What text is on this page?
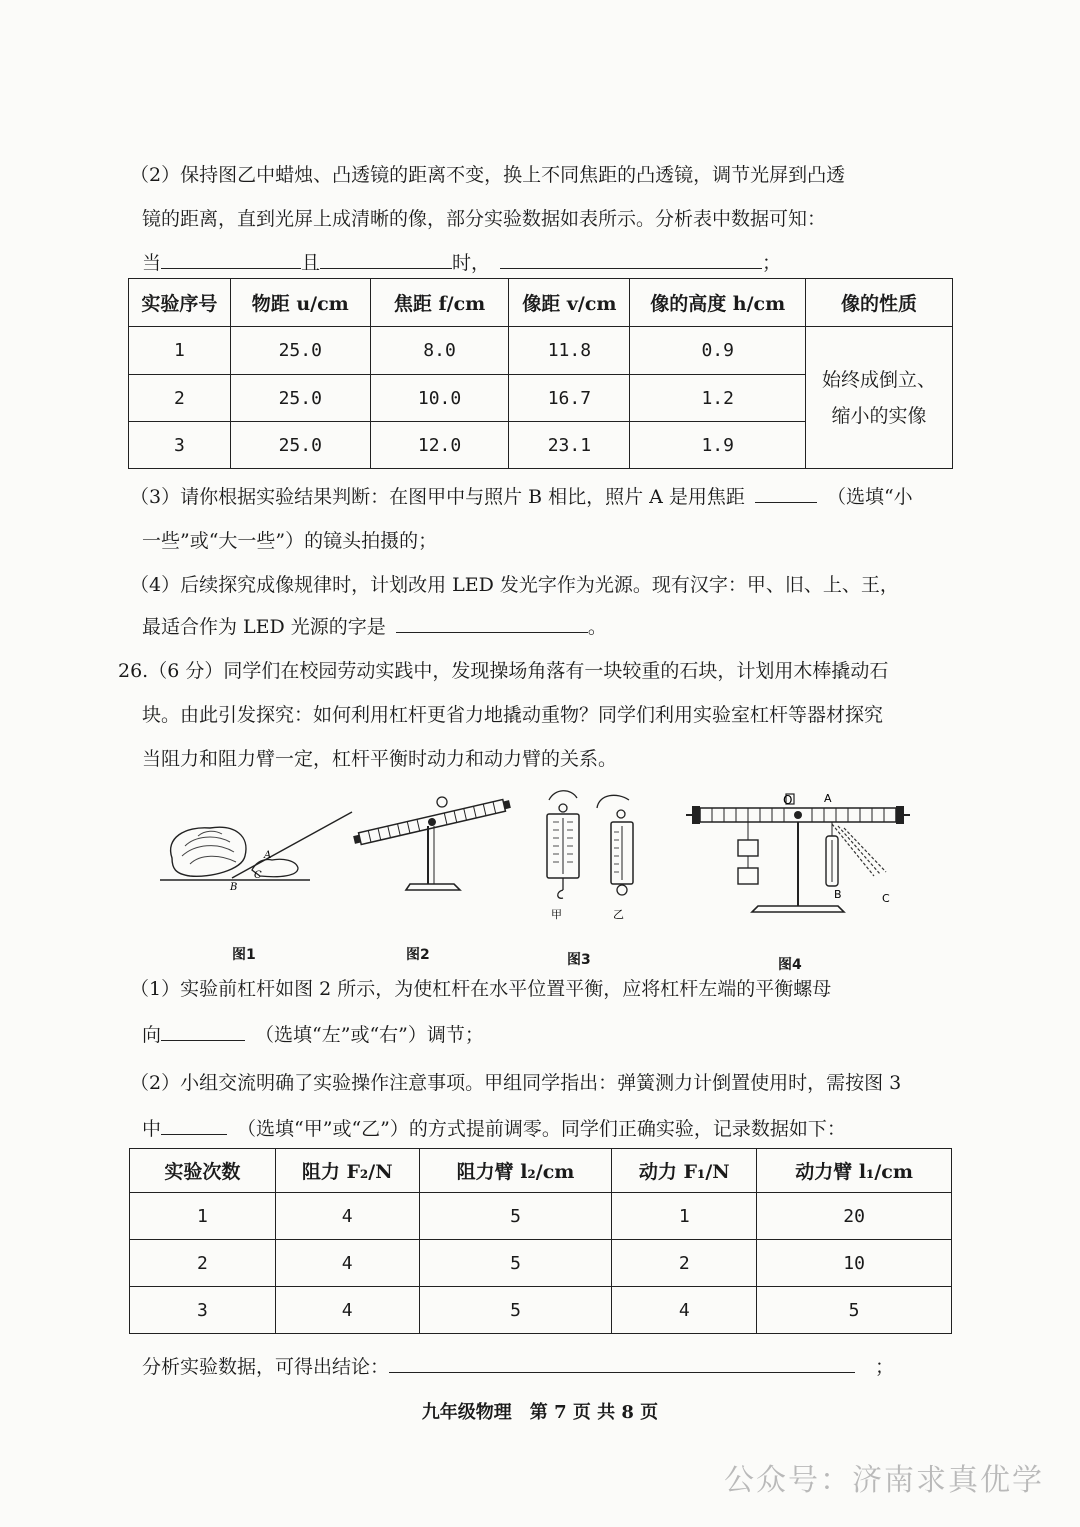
（2）保持图乙中蜡烛、凸透镜的距离不变，换上不同焦距的凸透镜，调节光屏到凸透
镜的距离，直到光屏上成清晰的像，部分实验数据如表所示。分析表中数据可知：
当	且	时，	；
实验序号	物距 u/cm	焦距 f/cm	像距 v/cm	像的高度 h/cm	像的性质
1	25.0	8.0	11.8	0.9	始终成倒立、
缩小的实像

2	25.0	10.0	16.7	1.2	
3	25.0	12.0	23.1	1.9	
（3）请你根据实验结果判断：在图甲中与照片 B 相比，照片 A 是用焦距	（选填“小
一些”或“大一些”）的镜头拍摄的；
（4）后续探究成像规律时，计划改用 LED 发光字作为光源。现有汉字：甲、旧、上、王，
最适合作为 LED 光源的字是	。
26.（6 分）同学们在校园劳动实践中，发现操场角落有一块较重的石块，计划用木棒撬动石
块。由此引发探究：如何利用杠杆更省力地撬动重物？同学们利用实验室杠杆等器材探究
当阻力和阻力臂一定，杠杆平衡时动力和动力臂的关系。
A
B
C
甲	乙
O	A
B	C
图1	图2	图3	图4
（1）实验前杠杆如图 2 所示，为使杠杆在水平位置平衡，应将杠杆左端的平衡螺母
向	（选填“左”或“右”）调节；
（2）小组交流明确了实验操作注意事项。甲组同学指出：弹簧测力计倒置使用时，需按图 3
中	（选填“甲”或“乙”）的方式提前调零。同学们正确实验，记录数据如下：
实验次数	阻力 F₂/N	阻力臂 l₂/cm	动力 F₁/N	动力臂 l₁/cm
1	4	5	1	20
2	4	5	2	10
3	4	5	4	5
分析实验数据，可得出结论：	；
九年级物理　第 7 页 共 8 页
公众号：济南求真优学
